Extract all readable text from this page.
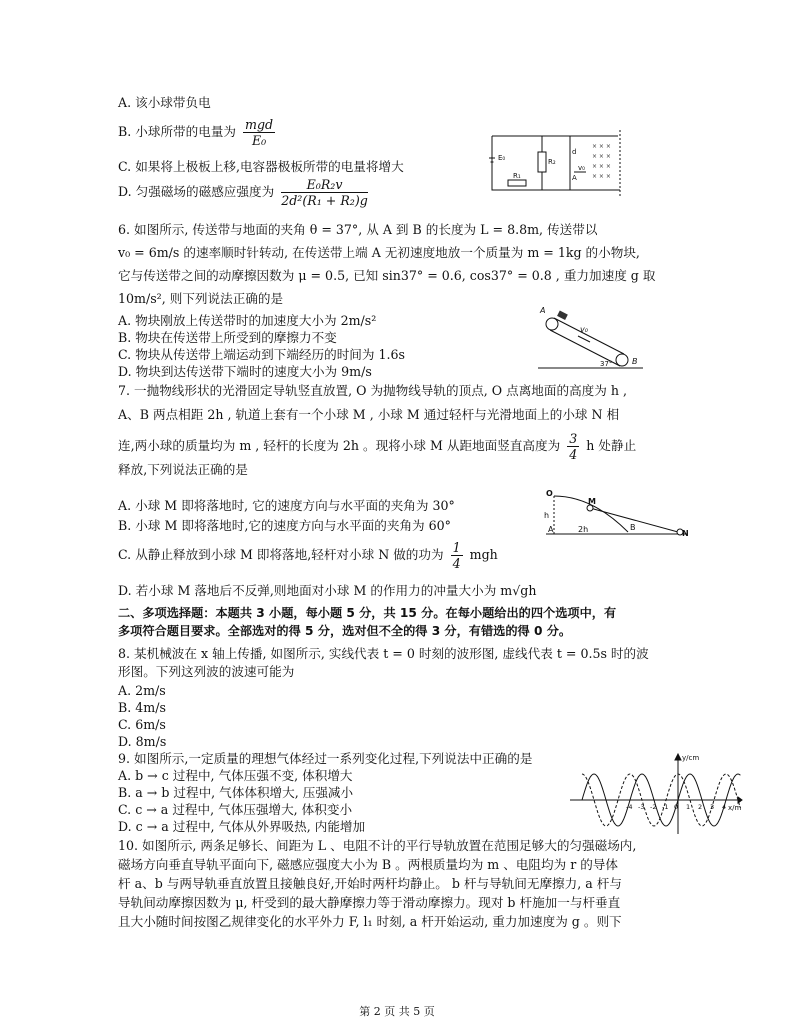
A. 该小球带负电
B. 小球所带的电量为 $\frac{\text{mgd}}{\text{E₀}}$
C. 如果将上极板上移,电容器极板所带的电量将增大
D. 匀强磁场的磁感应强度为 $\frac{\text{E₀R₂v}}{\text{2d²(R₁ + R₂)g}}$
6. 如图所示, 传送带与地面的夹角 θ = 37°, 从 A 到 B 的长度为 L = 8.8m, 传送带以
v₀ = 6m/s 的速率顺时针转动, 在传送带上端 A 无初速度地放一个质量为 m = 1kg 的小物块,
它与传送带之间的动摩擦因数为 μ = 0.5, 已知 sin37° = 0.6, cos37° = 0.8 , 重力加速度 g 取
10m/s², 则下列说法正确的是
A. 物块刚放上传送带时的加速度大小为 2m/s²
B. 物块在传送带上所受到的摩擦力不变
C. 物块从传送带上端运动到下端经历的时间为 1.6s
D. 物块到达传送带下端时的速度大小为 9m/s
7. 一抛物线形状的光滑固定导轨竖直放置, O 为抛物线导轨的顶点, O 点离地面的高度为 h ,
A、B 两点相距 2h , 轨道上套有一个小球 M , 小球 M 通过轻杆与光滑地面上的小球 N 相
连,两小球的质量均为 m , 轻杆的长度为 2h 。现将小球 M 从距地面竖直高度为 $\frac{3}{4}$ h 处静止
释放,下列说法正确的是
A. 小球 M 即将落地时, 它的速度方向与水平面的夹角为 30°
B. 小球 M 即将落地时,它的速度方向与水平面的夹角为 60°
C. 从静止释放到小球 M 即将落地,轻杆对小球 N 做的功为 $\frac{1}{4}$ mgh
D. 若小球 M 落地后不反弹,则地面对小球 M 的作用力的冲量大小为 m√gh
二、多项选择题：本题共 3 小题，每小题 5 分，共 15 分。在每小题给出的四个选项中，有
多项符合题目要求。全部选对的得 5 分，选对但不全的得 3 分，有错选的得 0 分。
8. 某机械波在 x 轴上传播, 如图所示, 实线代表 t = 0 时刻的波形图, 虚线代表 t = 0.5s 时的波
形图。下列这列波的波速可能为
A. 2m/s
B. 4m/s
C. 6m/s
D. 8m/s
9. 如图所示,一定质量的理想气体经过一系列变化过程,下列说法中正确的是
A. b → c 过程中, 气体压强不变, 体积增大
B. a → b 过程中, 气体体积增大, 压强减小
C. c → a 过程中, 气体压强增大, 体积变小
D. c → a 过程中, 气体从外界吸热, 内能增加
10. 如图所示, 两条足够长、间距为 L 、电阻不计的平行导轨放置在范围足够大的匀强磁场内,
磁场方向垂直导轨平面向下, 磁感应强度大小为 B 。两根质量均为 m 、电阻均为 r 的导体
杆 a、b 与两导轨垂直放置且接触良好,开始时两杆均静止。 b 杆与导轨间无摩擦力, a 杆与
导轨间动摩擦因数为 μ, 杆受到的最大静摩擦力等于滑动摩擦力。现对 b 杆施加一与杆垂直
且大小随时间按图乙规律变化的水平外力 F, l₁ 时刻, a 杆开始运动, 重力加速度为 g 。则下
× × ×
× × ×
× × ×
× × ×
E₀	R₂
R₁
d
A
v₀
A
B
v₀
37°
O
M
h
A	2h	B
N
y/cm
x/m
-4 -3 -2 -1 0 1 2 3 4
第 2 页 共 5 页
